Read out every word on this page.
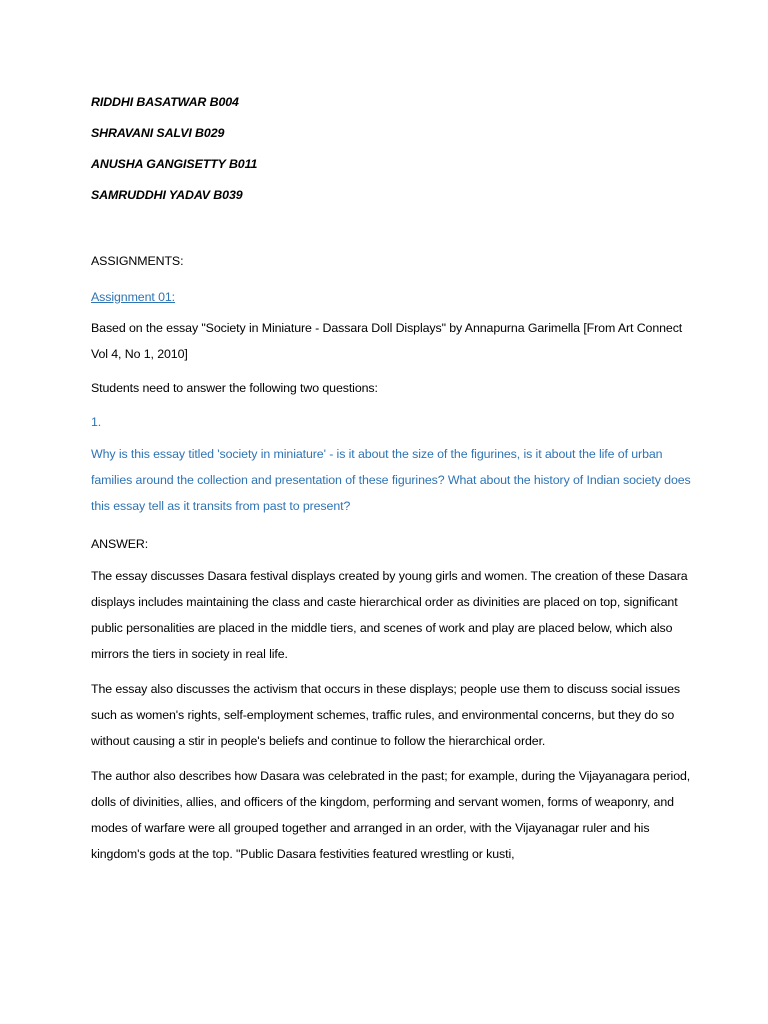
RIDDHI BASATWAR B004
SHRAVANI SALVI B029
ANUSHA GANGISETTY B011
SAMRUDDHI YADAV B039
ASSIGNMENTS:
Assignment 01:

Based on the essay "Society in Miniature - Dassara Doll Displays" by Annapurna Garimella [From Art Connect Vol 4, No 1, 2010]

Students need to answer the following two questions:

1.

Why is this essay titled 'society in miniature' - is it about the size of the figurines, is it about the life of urban families around the collection and presentation of these figurines? What about the history of Indian society does this essay tell as it transits from past to present?

ANSWER:

The essay discusses Dasara festival displays created by young girls and women. The creation of these Dasara displays includes maintaining the class and caste hierarchical order as divinities are placed on top, significant public personalities are placed in the middle tiers, and scenes of work and play are placed below, which also mirrors the tiers in society in real life.

The essay also discusses the activism that occurs in these displays; people use them to discuss social issues such as women's rights, self-employment schemes, traffic rules, and environmental concerns, but they do so without causing a stir in people's beliefs and continue to follow the hierarchical order.

The author also describes how Dasara was celebrated in the past; for example, during the Vijayanagara period, dolls of divinities, allies, and officers of the kingdom, performing and servant women, forms of weaponry, and modes of warfare were all grouped together and arranged in an order, with the Vijayanagar ruler and his kingdom's gods at the top. "Public Dasara festivities featured wrestling or kusti,
